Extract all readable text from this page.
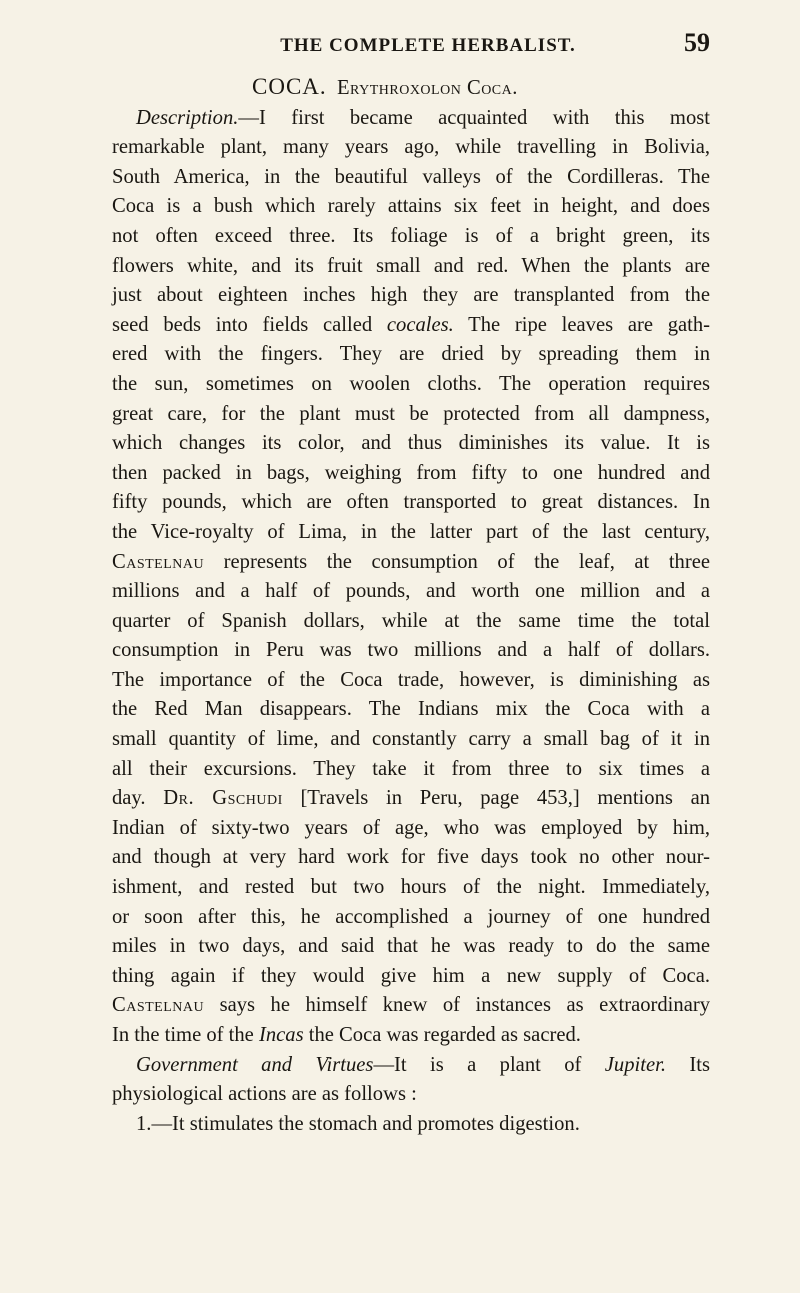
THE COMPLETE HERBALIST.	59
COCA. Erythroxolon Coca.

Description.—I first became acquainted with this most
remarkable plant, many years ago, while travelling in Bolivia,
South America, in the beautiful valleys of the Cordilleras. The
Coca is a bush which rarely attains six feet in height, and does
not often exceed three. Its foliage is of a bright green, its
flowers white, and its fruit small and red. When the plants are
just about eighteen inches high they are transplanted from the
seed beds into fields called cocales. The ripe leaves are gath-
ered with the fingers. They are dried by spreading them in
the sun, sometimes on woolen cloths. The operation requires
great care, for the plant must be protected from all dampness,
which changes its color, and thus diminishes its value. It is
then packed in bags, weighing from fifty to one hundred and
fifty pounds, which are often transported to great distances. In
the Vice-royalty of Lima, in the latter part of the last century,
Castelnau represents the consumption of the leaf, at three
millions and a half of pounds, and worth one million and a
quarter of Spanish dollars, while at the same time the total
consumption in Peru was two millions and a half of dollars.
The importance of the Coca trade, however, is diminishing as
the Red Man disappears. The Indians mix the Coca with a
small quantity of lime, and constantly carry a small bag of it in
all their excursions. They take it from three to six times a
day. Dr. Gschudi [Travels in Peru, page 453,] mentions an
Indian of sixty-two years of age, who was employed by him,
and though at very hard work for five days took no other nour-
ishment, and rested but two hours of the night. Immediately,
or soon after this, he accomplished a journey of one hundred
miles in two days, and said that he was ready to do the same
thing again if they would give him a new supply of Coca.
Castelnau says he himself knew of instances as extraordinary
In the time of the Incas the Coca was regarded as sacred.

Government and Virtues—It is a plant of Jupiter. Its
physiological actions are as follows :

1.—It stimulates the stomach and promotes digestion.
